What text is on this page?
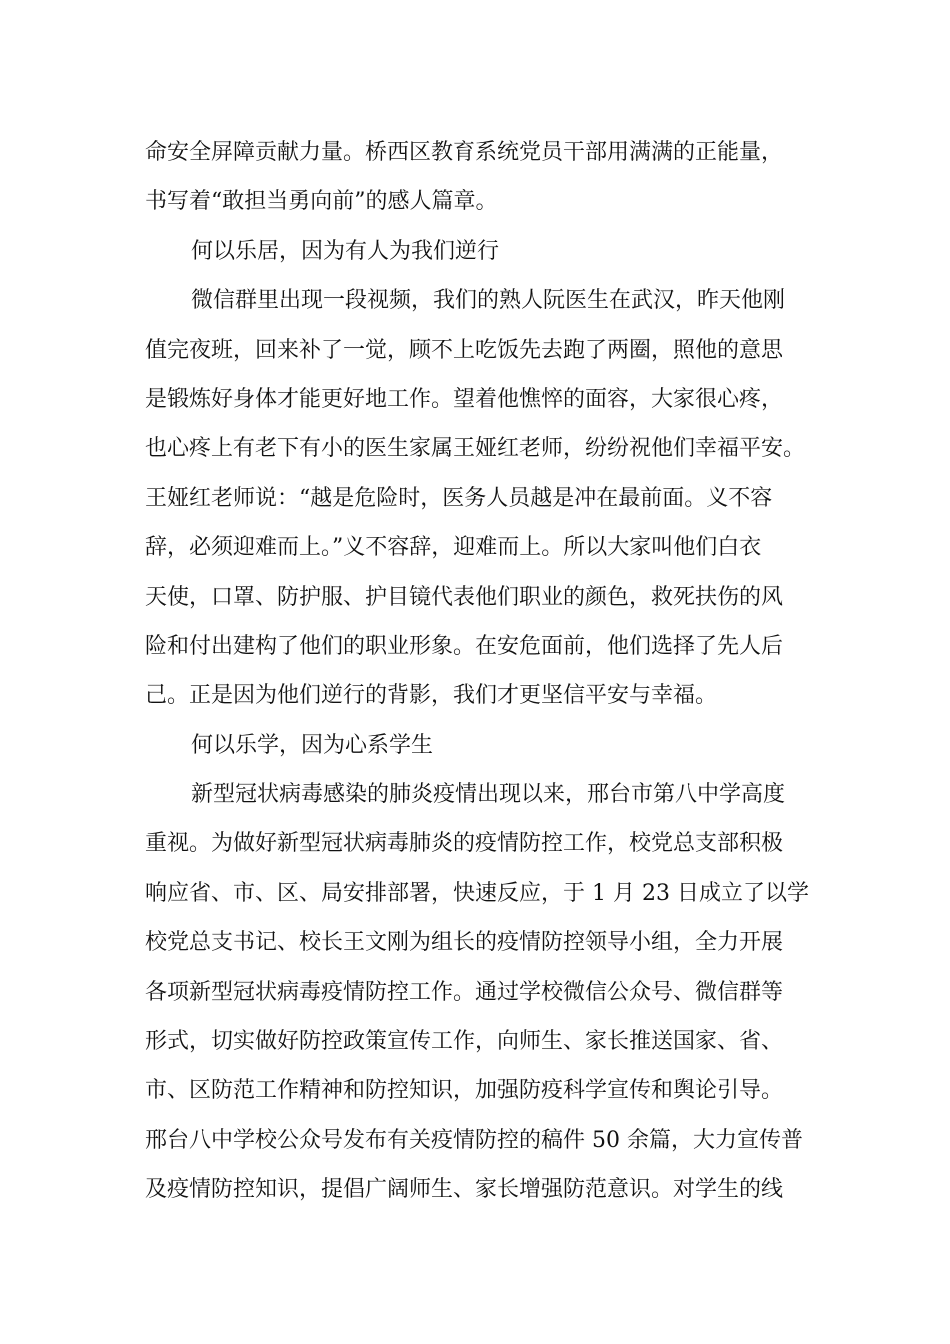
命安全屏障贡献力量。桥西区教育系统党员干部用满满的正能量，
书写着“敢担当勇向前”的感人篇章。
何以乐居，因为有人为我们逆行
微信群里出现一段视频，我们的熟人阮医生在武汉，昨天他刚
值完夜班，回来补了一觉，顾不上吃饭先去跑了两圈，照他的意思
是锻炼好身体才能更好地工作。望着他憔悴的面容，大家很心疼，
也心疼上有老下有小的医生家属王娅红老师，纷纷祝他们幸福平安。
王娅红老师说：“越是危险时，医务人员越是冲在最前面。义不容
辞，必须迎难而上。”义不容辞，迎难而上。所以大家叫他们白衣
天使，口罩、防护服、护目镜代表他们职业的颜色，救死扶伤的风
险和付出建构了他们的职业形象。在安危面前，他们选择了先人后
己。正是因为他们逆行的背影，我们才更坚信平安与幸福。
何以乐学，因为心系学生
新型冠状病毒感染的肺炎疫情出现以来，邢台市第八中学高度
重视。为做好新型冠状病毒肺炎的疫情防控工作，校党总支部积极
响应省、市、区、局安排部署，快速反应，于 1 月 23 日成立了以学
校党总支书记、校长王文刚为组长的疫情防控领导小组，全力开展
各项新型冠状病毒疫情防控工作。通过学校微信公众号、微信群等
形式，切实做好防控政策宣传工作，向师生、家长推送国家、省、
市、区防范工作精神和防控知识，加强防疫科学宣传和舆论引导。
邢台八中学校公众号发布有关疫情防控的稿件 50 余篇，大力宣传普
及疫情防控知识，提倡广阔师生、家长增强防范意识。对学生的线
